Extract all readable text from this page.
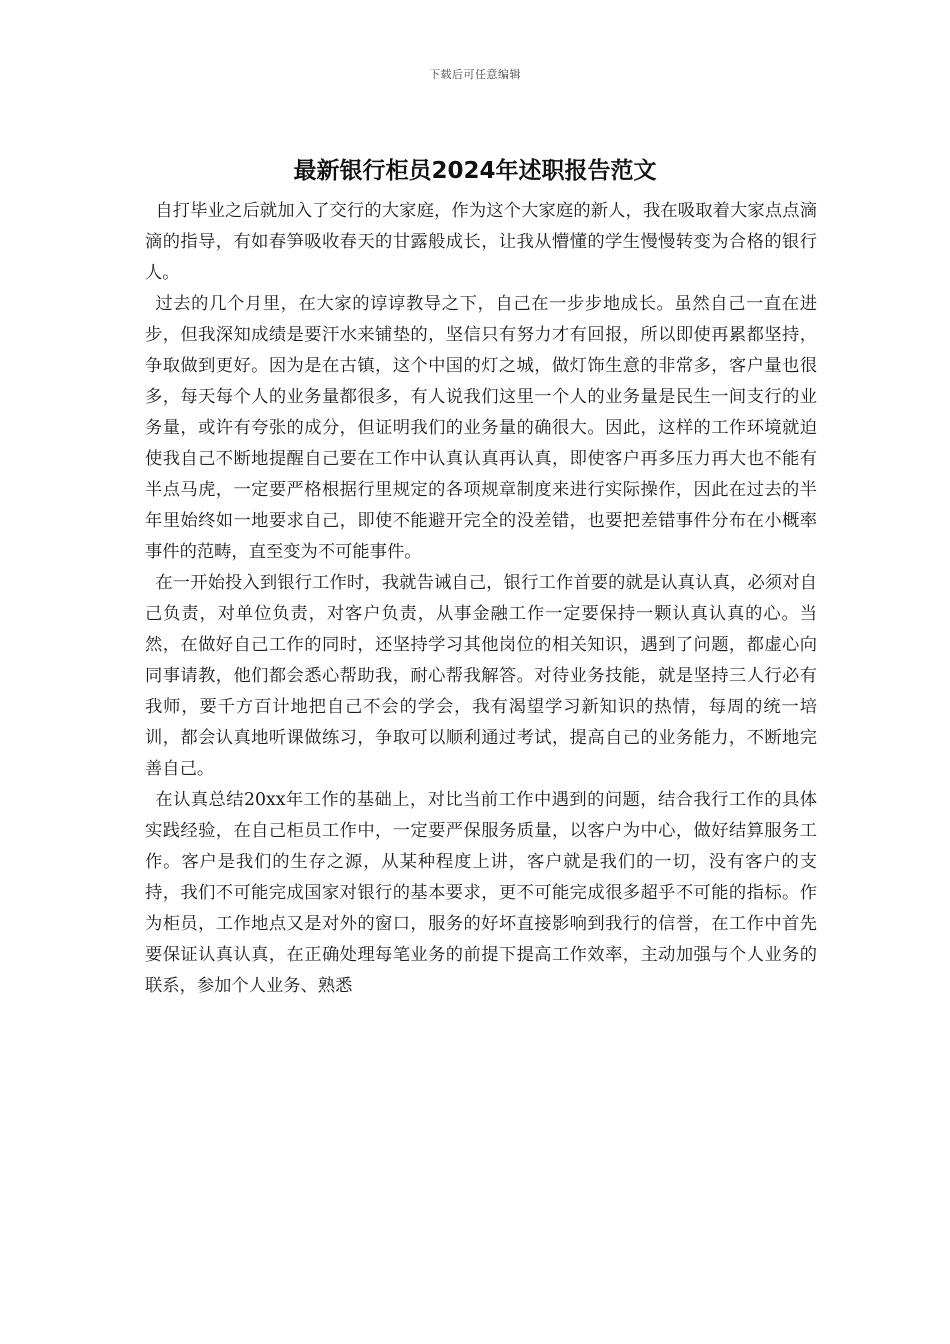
下载后可任意编辑
最新银行柜员2024年述职报告范文

自打毕业之后就加入了交行的大家庭，作为这个大家庭的新人，我在吸取着大家点点滴滴的指导，有如春笋吸收春天的甘露般成长，让我从懵懂的学生慢慢转变为合格的银行人。

过去的几个月里，在大家的谆谆教导之下，自己在一步步地成长。虽然自己一直在进步，但我深知成绩是要汗水来铺垫的，坚信只有努力才有回报，所以即使再累都坚持，争取做到更好。因为是在古镇，这个中国的灯之城，做灯饰生意的非常多，客户量也很多，每天每个人的业务量都很多，有人说我们这里一个人的业务量是民生一间支行的业务量，或许有夸张的成分，但证明我们的业务量的确很大。因此，这样的工作环境就迫使我自己不断地提醒自己要在工作中认真认真再认真，即使客户再多压力再大也不能有半点马虎，一定要严格根据行里规定的各项规章制度来进行实际操作，因此在过去的半年里始终如一地要求自己，即使不能避开完全的没差错，也要把差错事件分布在小概率事件的范畴，直至变为不可能事件。

在一开始投入到银行工作时，我就告诫自己，银行工作首要的就是认真认真，必须对自己负责，对单位负责，对客户负责，从事金融工作一定要保持一颗认真认真的心。当然，在做好自己工作的同时，还坚持学习其他岗位的相关知识，遇到了问题，都虚心向同事请教，他们都会悉心帮助我，耐心帮我解答。对待业务技能，就是坚持三人行必有我师，要千方百计地把自己不会的学会，我有渴望学习新知识的热情，每周的统一培训，都会认真地听课做练习，争取可以顺利通过考试，提高自己的业务能力，不断地完善自己。

在认真总结20xx年工作的基础上，对比当前工作中遇到的问题，结合我行工作的具体实践经验，在自己柜员工作中，一定要严保服务质量，以客户为中心，做好结算服务工作。客户是我们的生存之源，从某种程度上讲，客户就是我们的一切，没有客户的支持，我们不可能完成国家对银行的基本要求，更不可能完成很多超乎不可能的指标。作为柜员，工作地点又是对外的窗口，服务的好坏直接影响到我行的信誉，在工作中首先要保证认真认真，在正确处理每笔业务的前提下提高工作效率，主动加强与个人业务的联系，参加个人业务、熟悉
